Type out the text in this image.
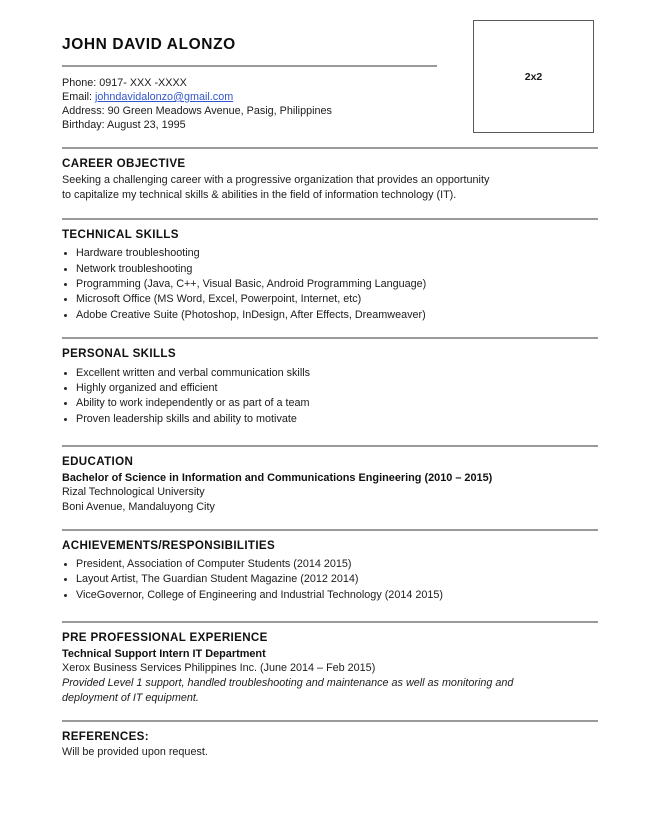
2x2
JOHN DAVID ALONZO
Phone: 0917- XXX -XXXX
Email: johndavidalonzo@gmail.com
Address: 90 Green Meadows Avenue, Pasig, Philippines
Birthday: August 23, 1995
CAREER OBJECTIVE
Seeking a challenging career with a progressive organization that provides an opportunity
to capitalize my technical skills & abilities in the field of information technology (IT).
TECHNICAL SKILLS
Hardware troubleshooting
Network troubleshooting
Programming (Java, C++, Visual Basic, Android Programming Language)
Microsoft Office (MS Word, Excel, Powerpoint, Internet, etc)
Adobe Creative Suite (Photoshop, InDesign, After Effects, Dreamweaver)
PERSONAL SKILLS
Excellent written and verbal communication skills
Highly organized and efficient
Ability to work independently or as part of a team
Proven leadership skills and ability to motivate
EDUCATION
Bachelor of Science in Information and Communications Engineering (2010 – 2015)
Rizal Technological University
Boni Avenue, Mandaluyong City
ACHIEVEMENTS/RESPONSIBILITIES
President, Association of Computer Students (2014 2015)
Layout Artist, The Guardian Student Magazine (2012 2014)
ViceGovernor, College of Engineering and Industrial Technology (2014 2015)
PRE PROFESSIONAL EXPERIENCE
Technical Support Intern IT Department
Xerox Business Services Philippines Inc. (June 2014 – Feb 2015)
Provided Level 1 support, handled troubleshooting and maintenance as well as monitoring and
deployment of IT equipment.
REFERENCES:
Will be provided upon request.
